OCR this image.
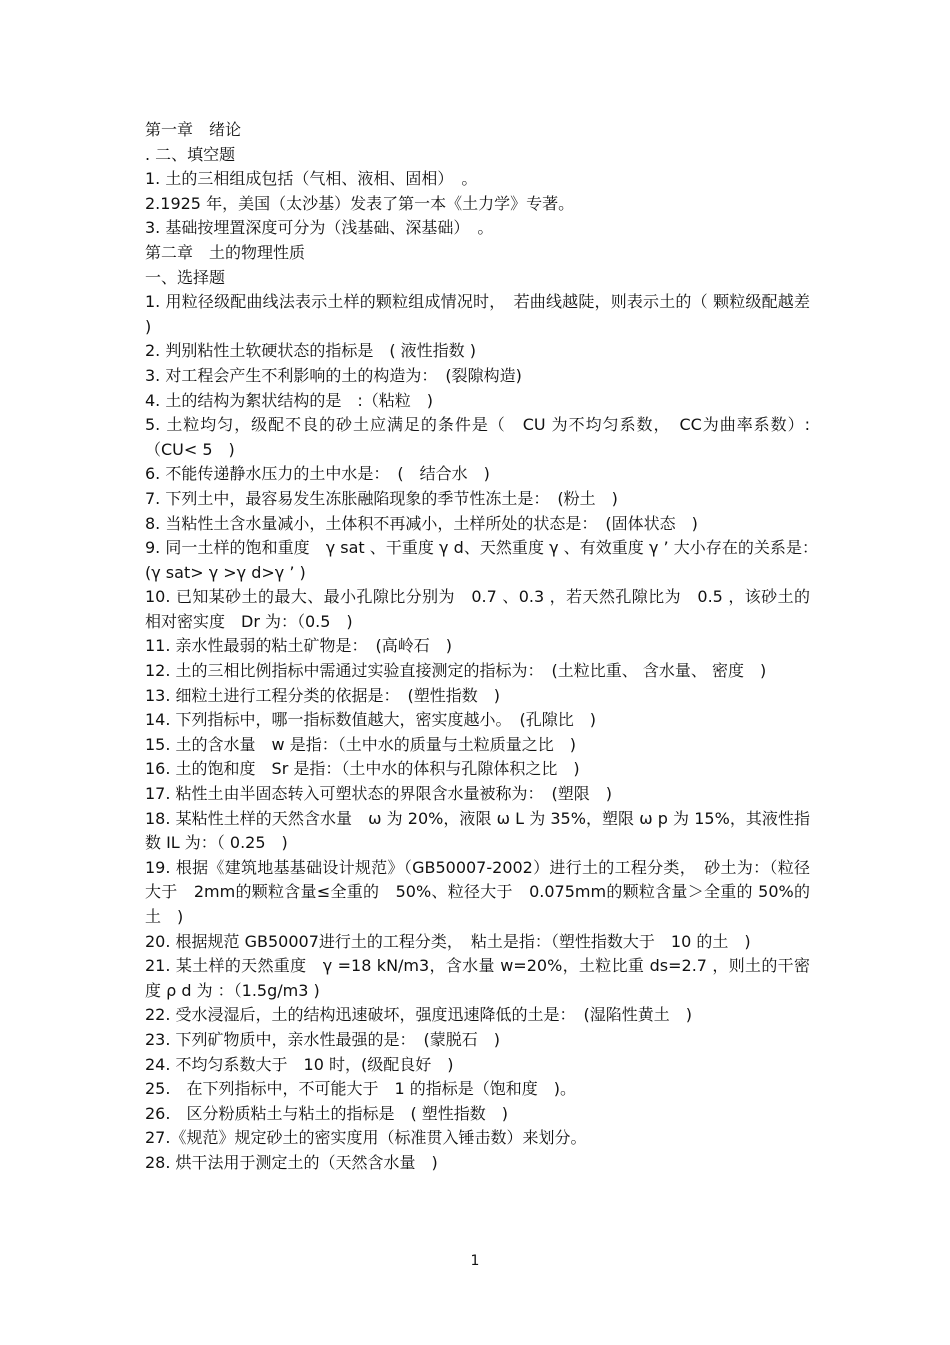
第一章　绪论

. 二、填空题

1. 土的三相组成包括（气相、液相、固相）　。

2.1925 年，美国（太沙基）发表了第一本《土力学》专著。

3. 基础按埋置深度可分为（浅基础、深基础）　。

第二章　土的物理性质

一、选择题

1. 用粒径级配曲线法表示土样的颗粒组成情况时，　若曲线越陡，则表示土的（ 颗粒级配越差 )

2. 判别粘性土软硬状态的指标是　( 液性指数 )

3. 对工程会产生不利影响的土的构造为：　(裂隙构造)

4. 土的结构为絮状结构的是　:（粘粒　)

5. 土粒均匀，级配不良的砂土应满足的条件是（　CU 为不均匀系数，　CC为曲率系数）:（CU< 5　)

6. 不能传递静水压力的土中水是：　(　结合水　)

7. 下列土中，最容易发生冻胀融陷现象的季节性冻土是：　(粉土　)

8. 当粘性土含水量减小，土体积不再减小，土样所处的状态是：　(固体状态　)

9. 同一土样的饱和重度　γ sat 、干重度 γ d、天然重度 γ 、有效重度 γ ’ 大小存在的关系是：　(γ sat> γ >γ d>γ ’ )

10. 已知某砂土的最大、最小孔隙比分别为　0.7 、0.3 ，若天然孔隙比为　0.5 ，该砂土的相对密实度　Dr 为：（0.5　)

11. 亲水性最弱的粘土矿物是：　(高岭石　)

12. 土的三相比例指标中需通过实验直接测定的指标为：　(土粒比重、 含水量、 密度　)

13. 细粒土进行工程分类的依据是：　(塑性指数　)

14. 下列指标中，哪一指标数值越大，密实度越小。　(孔隙比　)

15. 土的含水量　w 是指：（土中水的质量与土粒质量之比　)

16. 土的饱和度　Sr 是指：（土中水的体积与孔隙体积之比　)

17. 粘性土由半固态转入可塑状态的界限含水量被称为：　(塑限　)

18. 某粘性土样的天然含水量　ω 为 20%，液限 ω L 为 35%，塑限 ω p 为 15%，其液性指数 IL 为：（ 0.25　)

19. 根据《建筑地基基础设计规范》（GB50007-2002）进行土的工程分类，　砂土为：（粒径大于　2mm的颗粒含量≤全重的　50%、粒径大于　0.075mm的颗粒含量＞全重的 50%的土　)

20. 根据规范 GB50007进行土的工程分类，　粘土是指：（塑性指数大于　10 的土　)

21. 某土样的天然重度　γ =18 kN/m3，含水量 w=20%，土粒比重 ds=2.7 ，则土的干密度 ρ d 为 ：（1.5g/m3 )

22. 受水浸湿后，土的结构迅速破坏，强度迅速降低的土是：　(湿陷性黄土　)

23. 下列矿物质中，亲水性最强的是：　(蒙脱石　)

24. 不均匀系数大于　10 时，(级配良好　)

25.　在下列指标中，不可能大于　1 的指标是（饱和度　)。

26.　区分粉质粘土与粘土的指标是　( 塑性指数　)

27.《规范》规定砂土的密实度用（标准贯入锤击数）来划分。

28. 烘干法用于测定土的（天然含水量　)

1
